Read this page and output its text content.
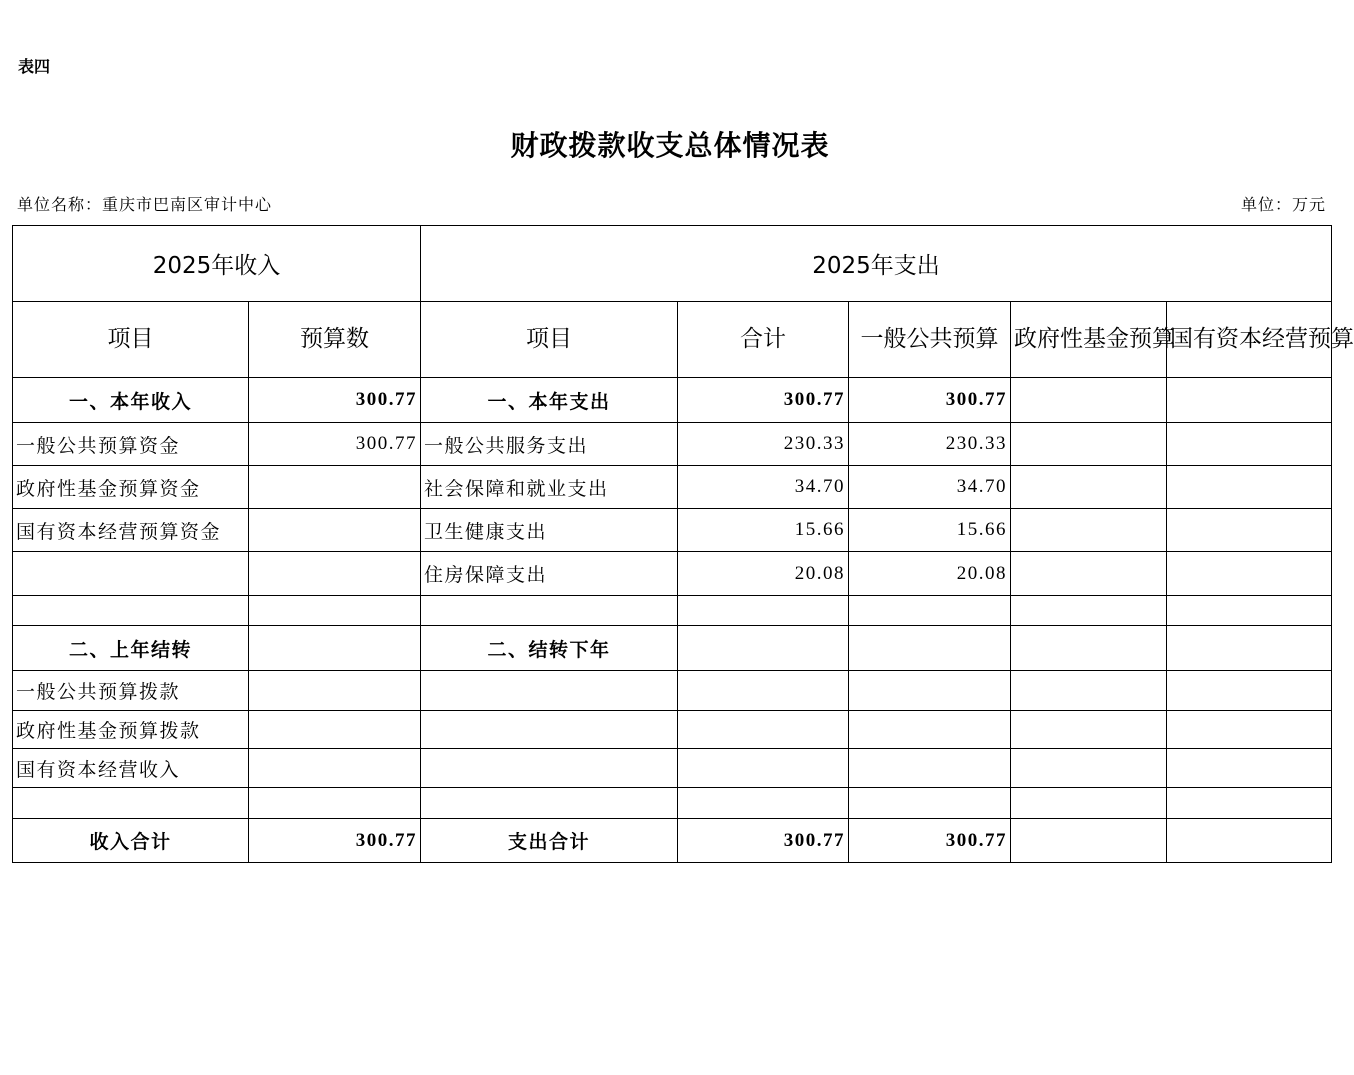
表四
财政拨款收支总体情况表
单位名称：重庆市巴南区审计中心	单位：万元
2025年收入		2025年支出				
项目	预算数	项目	合计	一般公共预算	政府性基金预算	国有资本经营预算
一、本年收入	300.77	一、本年支出	300.77	300.77		
一般公共预算资金	300.77	一般公共服务支出	230.33	230.33		
政府性基金预算资金		社会保障和就业支出	34.70	34.70		
国有资本经营预算资金		卫生健康支出	15.66	15.66		
		住房保障支出	20.08	20.08		

二、上年结转		二、结转下年				
一般公共预算拨款						
政府性基金预算拨款						
国有资本经营收入						

收入合计	300.77	支出合计	300.77	300.77		
